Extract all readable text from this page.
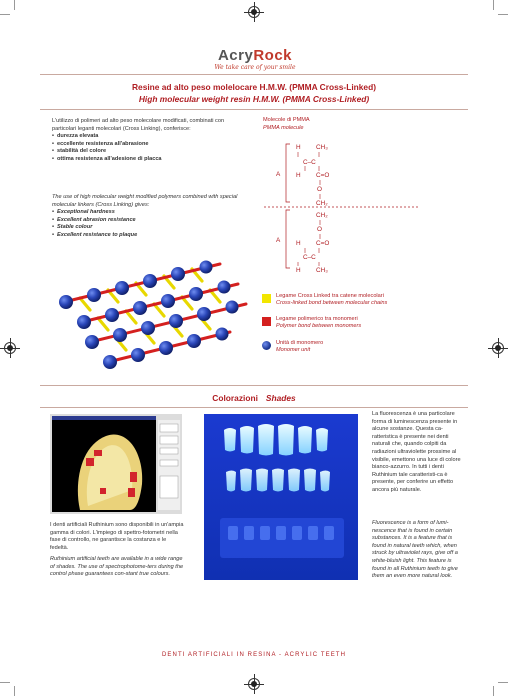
AcryRock
We take care of your smile
Resine ad alto peso molelocare H.M.W. (PMMA Cross-Linked)
High molecular weight resin H.M.W. (PMMA Cross-Linked)

L'utilizzo di polimeri ad alto peso molecolare modificati, combinati con particolari leganti molecolari (Cross Linking), conferisce:

• durezza elevata
• eccellente resistenza all'abrasione
• stabilità del colore
• ottima resistenza all'adesione di placca

The use of high molecular weight modified polymers combined with special molecular linkers (Cross Linking) gives:

• Exceptional hardness
• Excellent abrasion resistance
• Stable colour
• Excellent resistance to plaque
Molecole di PMMA
PMMA molecule
A
A
H CH₃
C–C
H C=O
O
CH₂
CH₂
O
H C=O
C–C
H CH₃
Legame Cross Linked tra catene molecolari
Cross-linked bond between molecular chains
Legame polimerico tra monomeri
Polymer bond between monomers
Unità di monomero
Monomer unit
Colorazioni Shades
I denti artificiali Ruthinium sono disponibili in un'ampia gamma di colori. L'impiego di spettro-fotometri nella fase di controllo, ne garantisce la costanza e le fedeltà.
Ruthinium artificial teeth are available in a wide range of shades. The use of spectrophotome-ters during the control phase guarantees con-stant true colours.
La fluorescenza è una particolare forma di luminescenza presente in alcune sostanze. Questa ca-ratteristica è presente nei denti naturali che, quando colpiti da radiazioni ultraviolette prossime al visibile, emettono una luce di colore bianco-azzurro. In tutti i denti Ruthinium tale caratteristi-ca è presente, per conferire un effetto ancora più naturale.
Fluorescence is a form of lumi-nescence that is found in certain substances. It is a feature that is found in natural teeth which, when struck by ultraviolet rays, give off a white-bluish light. This feature is found in all Ruthinium teeth to give them an even more natural look.
DENTI ARTIFICIALI IN RESINA - ACRYLIC TEETH
